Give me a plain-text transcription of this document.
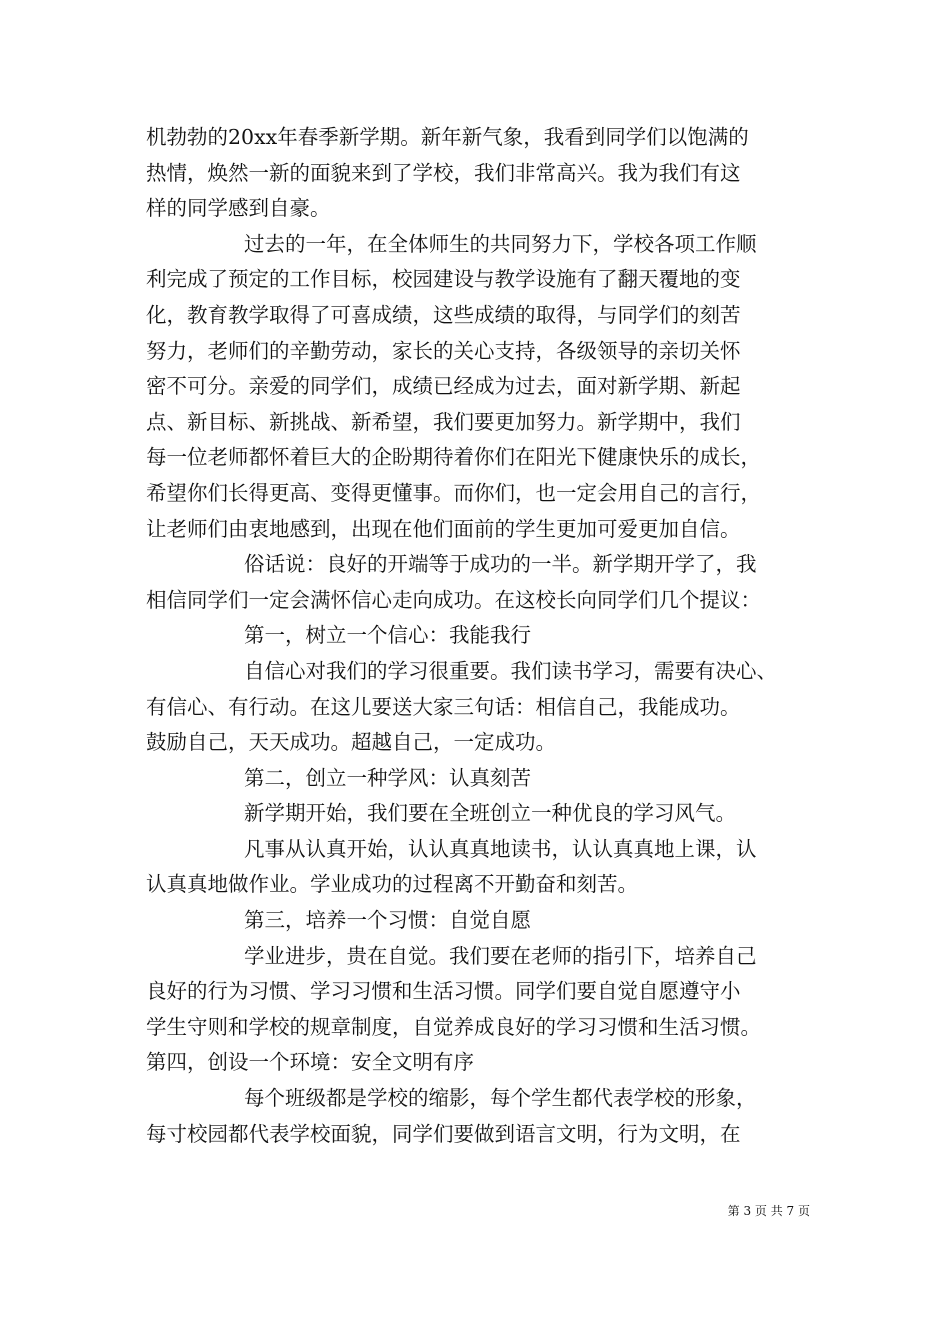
机勃勃的20xx年春季新学期。新年新气象，我看到同学们以饱满的
热情，焕然一新的面貌来到了学校，我们非常高兴。我为我们有这
样的同学感到自豪。
过去的一年，在全体师生的共同努力下，学校各项工作顺
利完成了预定的工作目标，校园建设与教学设施有了翻天覆地的变
化，教育教学取得了可喜成绩，这些成绩的取得，与同学们的刻苦
努力，老师们的辛勤劳动，家长的关心支持，各级领导的亲切关怀
密不可分。亲爱的同学们，成绩已经成为过去，面对新学期、新起
点、新目标、新挑战、新希望，我们要更加努力。新学期中，我们
每一位老师都怀着巨大的企盼期待着你们在阳光下健康快乐的成长，
希望你们长得更高、变得更懂事。而你们，也一定会用自己的言行，
让老师们由衷地感到，出现在他们面前的学生更加可爱更加自信。
俗话说：良好的开端等于成功的一半。新学期开学了，我
相信同学们一定会满怀信心走向成功。在这校长向同学们几个提议：
第一，树立一个信心：我能我行
自信心对我们的学习很重要。我们读书学习，需要有决心、
有信心、有行动。在这儿要送大家三句话：相信自己，我能成功。
鼓励自己，天天成功。超越自己，一定成功。
第二，创立一种学风：认真刻苦
新学期开始，我们要在全班创立一种优良的学习风气。
凡事从认真开始，认认真真地读书，认认真真地上课，认
认真真地做作业。学业成功的过程离不开勤奋和刻苦。
第三，培养一个习惯：自觉自愿
学业进步，贵在自觉。我们要在老师的指引下，培养自己
良好的行为习惯、学习习惯和生活习惯。同学们要自觉自愿遵守小
学生守则和学校的规章制度，自觉养成良好的学习习惯和生活习惯。
第四，创设一个环境：安全文明有序
每个班级都是学校的缩影，每个学生都代表学校的形象，
每寸校园都代表学校面貌，同学们要做到语言文明，行为文明，在
第 3 页 共 7 页
